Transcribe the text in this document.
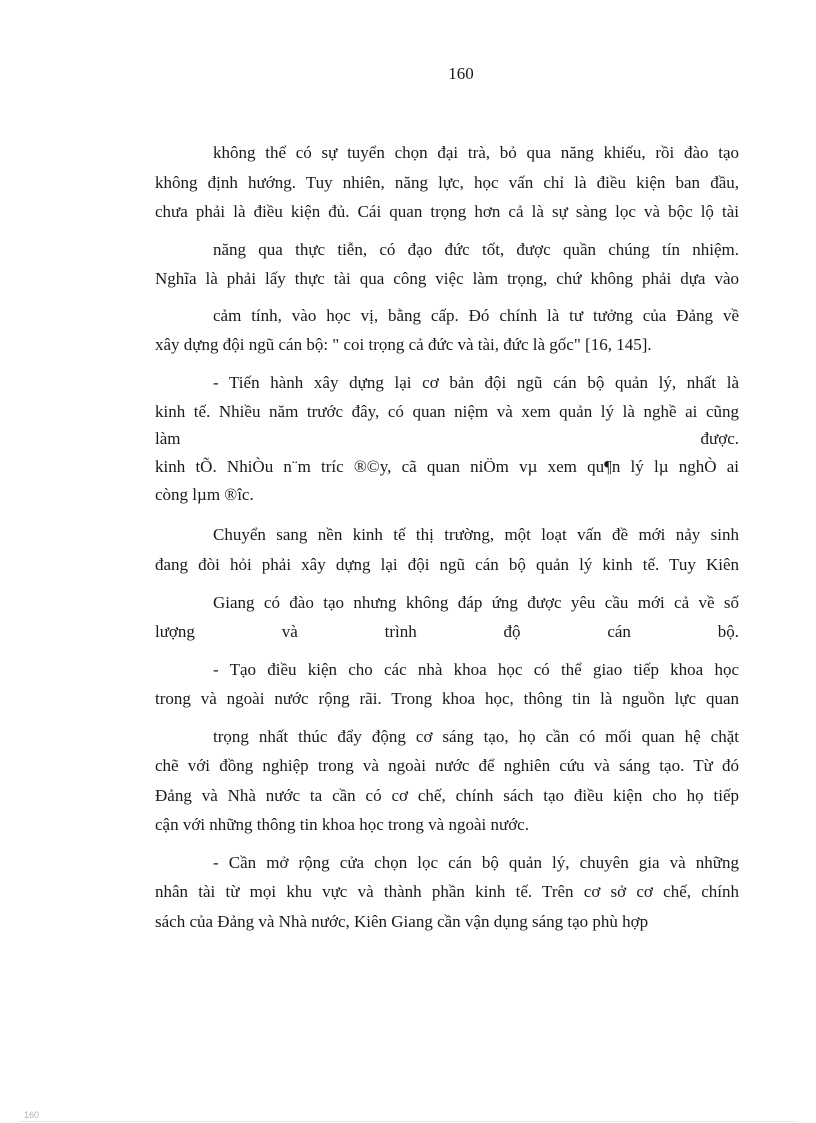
160
không thể có sự tuyển chọn đại trà, bỏ qua năng khiếu, rồi đào tạo
không định hướng. Tuy nhiên, năng lực, học vấn chỉ là điều kiện ban đầu,
chưa phải là điều kiện đủ. Cái quan trọng hơn cả là sự sàng lọc và bộc lộ tài
năng qua thực tiễn, có đạo đức tốt, được quần chúng tín nhiệm.
Nghĩa là phải lấy thực tài qua công việc làm trọng, chứ không phải dựa vào
cảm tính, vào học vị, bằng cấp. Đó chính là tư tưởng của Đảng về
xây dựng đội ngũ cán bộ: " coi trọng cả đức và tài, đức là gốc" [16, 145].
- Tiến hành xây dựng lại cơ bản đội ngũ cán bộ quản lý, nhất là
kinh tế. Nhiều năm trước đây, có quan niệm và xem quản lý là nghề ai cũng
làm được.
kinh tÕ. NhiÒu n¨m tríc ®©y, cã quan niÖm vµ xem qu¶n lý lµ nghÒ ai
còng lµm ®îc.
Chuyển sang nền kinh tế thị trường, một loạt vấn đề mới nảy sinh
đang đòi hỏi phải xây dựng lại đội ngũ cán bộ quản lý kinh tế. Tuy Kiên
Giang có đào tạo nhưng không đáp ứng được yêu cầu mới cả về số
lượng và trình độ cán bộ.
- Tạo điều kiện cho các nhà khoa học có thể giao tiếp khoa học
trong và ngoài nước rộng rãi. Trong khoa học, thông tin là nguồn lực quan
trọng nhất thúc đẩy động cơ sáng tạo, họ cần có mối quan hệ chặt
chẽ với đồng nghiệp trong và ngoài nước để nghiên cứu và sáng tạo. Từ đó
Đảng và Nhà nước ta cần có cơ chế, chính sách tạo điều kiện cho họ tiếp
cận với những thông tin khoa học trong và ngoài nước.
- Cần mở rộng cửa chọn lọc cán bộ quản lý, chuyên gia và những
nhân tài từ mọi khu vực và thành phần kinh tế. Trên cơ sở cơ chế, chính
sách của Đảng và Nhà nước, Kiên Giang cần vận dụng sáng tạo phù hợp
160
